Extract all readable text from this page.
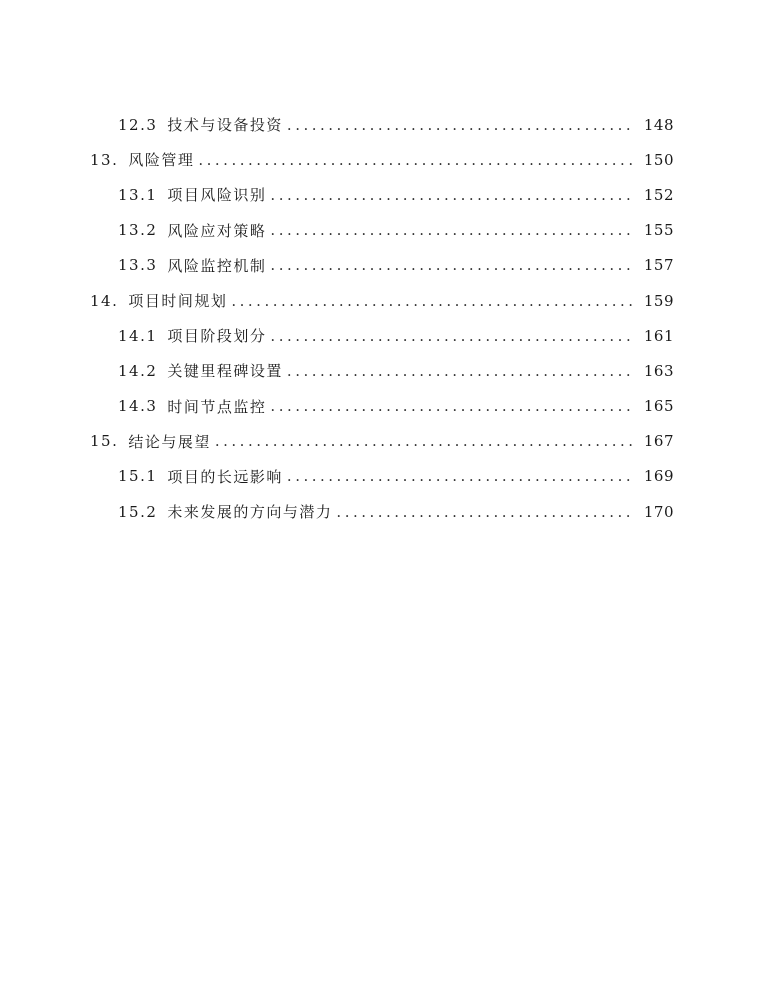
12.3 技术与设备投资 .....	148
13. 风险管理 .....	150
13.1 项目风险识别 .....	152
13.2 风险应对策略 .....	155
13.3 风险监控机制 .....	157
14. 项目时间规划 .....	159
14.1 项目阶段划分 .....	161
14.2 关键里程碑设置 .....	163
14.3 时间节点监控 .....	165
15. 结论与展望 .....	167
15.1 项目的长远影响 .....	169
15.2 未来发展的方向与潜力 .....	170
